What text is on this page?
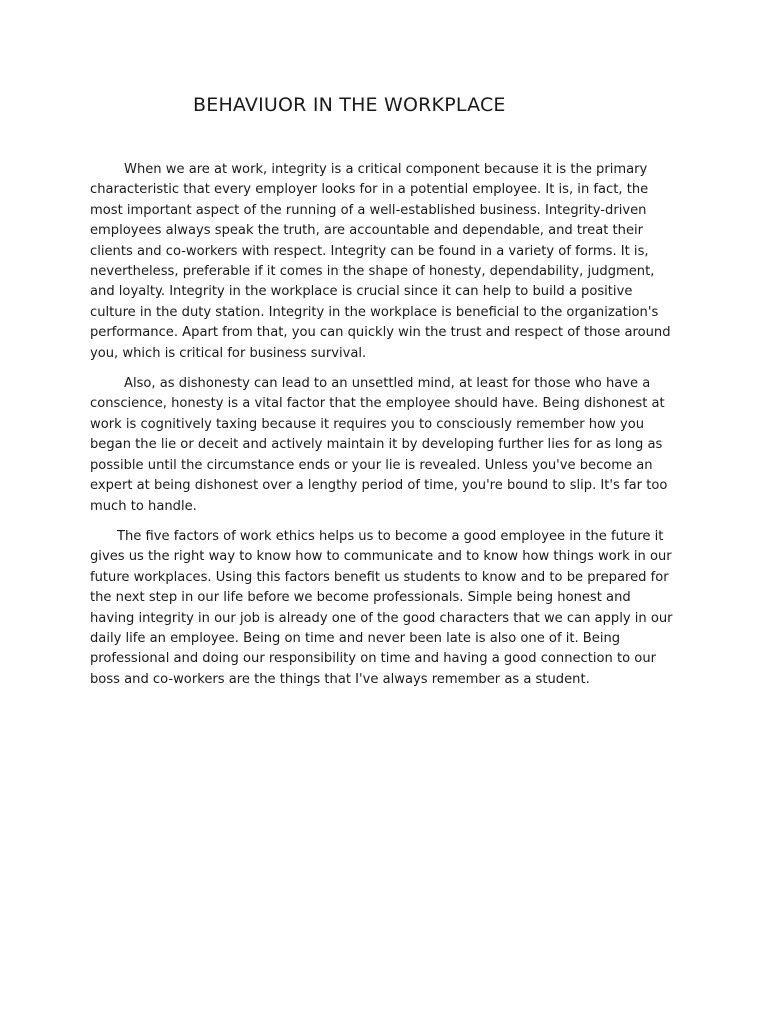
BEHAVIUOR IN THE WORKPLACE

When we are at work, integrity is a critical component because it is the primary characteristic that every employer looks for in a potential employee. It is, in fact, the most important aspect of the running of a well-established business. Integrity-driven employees always speak the truth, are accountable and dependable, and treat their clients and co-workers with respect. Integrity can be found in a variety of forms. It is, nevertheless, preferable if it comes in the shape of honesty, dependability, judgment, and loyalty. Integrity in the workplace is crucial since it can help to build a positive culture in the duty station. Integrity in the workplace is beneficial to the organization's performance. Apart from that, you can quickly win the trust and respect of those around you, which is critical for business survival.

Also, as dishonesty can lead to an unsettled mind, at least for those who have a conscience, honesty is a vital factor that the employee should have. Being dishonest at work is cognitively taxing because it requires you to consciously remember how you began the lie or deceit and actively maintain it by developing further lies for as long as possible until the circumstance ends or your lie is revealed. Unless you've become an expert at being dishonest over a lengthy period of time, you're bound to slip. It's far too much to handle.

The five factors of work ethics helps us to become a good employee in the future it gives us the right way to know how to communicate and to know how things work in our future workplaces. Using this factors benefit us students to know and to be prepared for the next step in our life before we become professionals. Simple being honest and having integrity in our job is already one of the good characters that we can apply in our daily life an employee. Being on time and never been late is also one of it. Being professional and doing our responsibility on time and having a good connection to our boss and co-workers are the things that I've always remember as a student.
